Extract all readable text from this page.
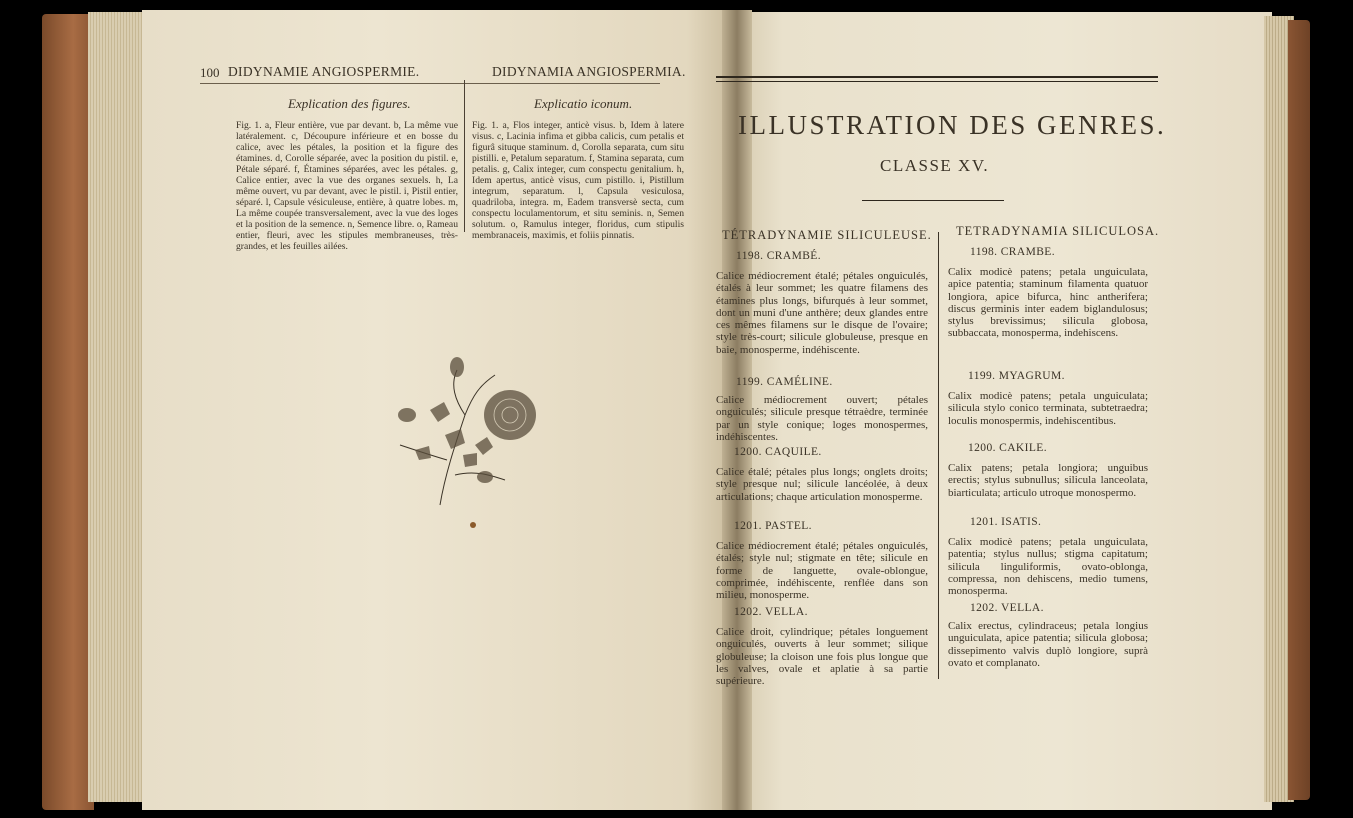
100 DIDYNAMIE ANGIOSPERMIE.	DIDYNAMIA ANGIOSPERMIA.
Explication des figures.	Explicatio iconum.
Fig. 1. a, Fleur entière, vue par devant. b, La même vue latéralement. c, Découpure inférieure et en bosse du calice, avec les pétales, la position et la figure des étamines. d, Corolle séparée, avec la position du pistil. e, Pétale séparé. f, Étamines séparées, avec les pétales. g, Calice entier, avec la vue des organes sexuels. h, La même ouvert, vu par devant, avec le pistil. i, Pistil entier, séparé. l, Capsule vésiculeuse, entière, à quatre lobes. m, La même coupée transversalement, avec la vue des loges et la position de la semence. n, Semence libre. o, Rameau entier, fleuri, avec les stipules membraneuses, très-grandes, et les feuilles ailées.
Fig. 1. a, Flos integer, anticè visus. b, Idem à latere visus. c, Lacinia infima et gibba calicis, cum petalis et figurâ situque staminum. d, Corolla separata, cum situ pistilli. e, Petalum separatum. f, Stamina separata, cum petalis. g, Calix integer, cum conspectu genitalium. h, Idem apertus, anticè visus, cum pistillo. i, Pistillum integrum, separatum. l, Capsula vesiculosa, quadriloba, integra. m, Eadem transversè secta, cum conspectu loculamentorum, et situ seminis. n, Semen solutum. o, Ramulus integer, floridus, cum stipulis membranaceis, maximis, et foliis pinnatis.
ILLUSTRATION DES GENRES.
CLASSE XV.
TÉTRADYNAMIE SILICULEUSE. TETRADYNAMIA SILICULOSA.
1198. CRAMBÉ.
Calice médiocrement étalé; pétales onguiculés, étalés à leur sommet; les quatre filamens des étamines plus longs, bifurqués à leur sommet, dont un muni d'une anthère; deux glandes entre ces mêmes filamens sur le disque de l'ovaire; style très-court; silicule globuleuse, presque en baie, monosperme, indéhiscente.
1199. CAMÉLINE.
Calice médiocrement ouvert; pétales onguiculés; silicule presque tétraèdre, terminée par un style conique; loges monospermes, indéhiscentes.
1200. CAQUILE.
Calice étalé; pétales plus longs; onglets droits; style presque nul; silicule lancéolée, à deux articulations; chaque articulation monosperme.
1201. PASTEL.
Calice médiocrement étalé; pétales onguiculés, étalés; style nul; stigmate en tête; silicule en forme de languette, ovale-oblongue, comprimée, indéhiscente, renflée dans son milieu, monosperme.
1202. VELLA.
Calice droit, cylindrique; pétales longuement onguiculés, ouverts à leur sommet; silique globuleuse; la cloison une fois plus longue que les valves, ovale et aplatie à sa partie supérieure.
1198. CRAMBE.
Calix modicè patens; petala unguiculata, apice patentia; staminum filamenta quatuor longiora, apice bifurca, hinc antherifera; discus germinis inter eadem biglandulosus; stylus brevissimus; silicula globosa, subbaccata, monosperma, indehiscens.
1199. MYAGRUM.
Calix modicè patens; petala unguiculata; silicula stylo conico terminata, subtetraedra; loculis monospermis, indehiscentibus.
1200. CAKILE.
Calix patens; petala longiora; unguibus erectis; stylus subnullus; silicula lanceolata, biarticulata; articulo utroque monospermo.
1201. ISATIS.
Calix modicè patens; petala unguiculata, patentia; stylus nullus; stigma capitatum; silicula linguliformis, ovato-oblonga, compressa, non dehiscens, medio tumens, monosperma.
1202. VELLA.
Calix erectus, cylindraceus; petala longius unguiculata, apice patentia; silicula globosa; dissepimento valvis duplò longiore, suprà ovato et complanato.
